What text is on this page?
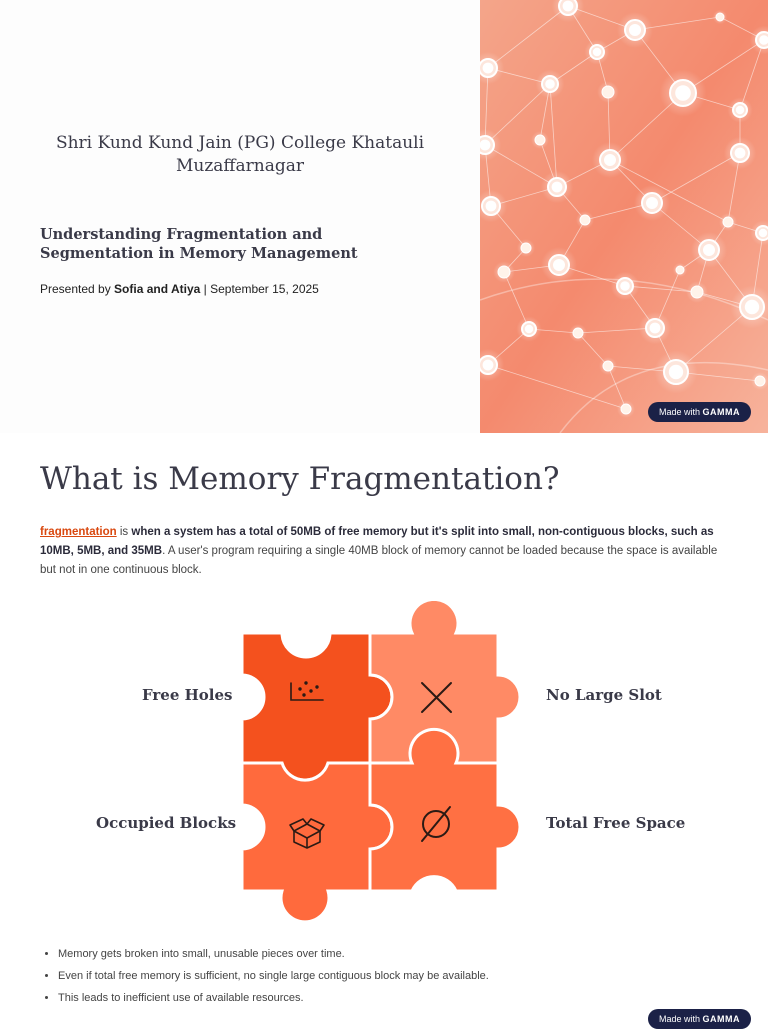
Shri Kund Kund Jain (PG) College Khatauli Muzaffarnagar
Understanding Fragmentation and Segmentation in Memory Management
Presented by Sofia and Atiya | September 15, 2025
Made with GAMMA
What is Memory Fragmentation?
fragmentation is when a system has a total of 50MB of free memory but it's split into small, non-contiguous blocks, such as 10MB, 5MB, and 35MB. A user's program requiring a single 40MB block of memory cannot be loaded because the space is available but not in one continuous block.
Free Holes	No Large Slot
Occupied Blocks	Total Free Space
• Memory gets broken into small, unusable pieces over time.
• Even if total free memory is sufficient, no single large contiguous block may be available.
• This leads to inefficient use of available resources.
Made with GAMMA
